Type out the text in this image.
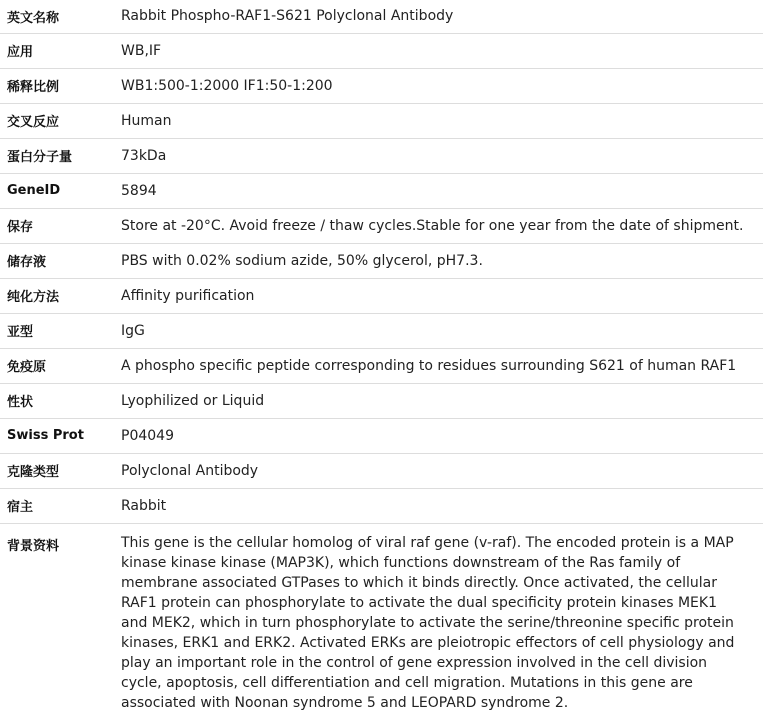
英文名称	Rabbit Phospho-RAF1-S621 Polyclonal Antibody
应用	WB,IF
稀释比例	WB1:500-1:2000 IF1:50-1:200
交叉反应	Human
蛋白分子量	73kDa
GeneID	5894
保存	Store at -20°C. Avoid freeze / thaw cycles.Stable for one year from the date of shipment.
储存液	PBS with 0.02% sodium azide, 50% glycerol, pH7.3.
纯化方法	Affinity purification
亚型	IgG
免疫原	A phospho specific peptide corresponding to residues surrounding S621 of human RAF1
性状	Lyophilized or Liquid
Swiss Prot	P04049
克隆类型	Polyclonal Antibody
宿主	Rabbit
背景资料	This gene is the cellular homolog of viral raf gene (v-raf). The encoded protein is a MAP kinase kinase kinase (MAP3K), which functions downstream of the Ras family of membrane associated GTPases to which it binds directly. Once activated, the cellular RAF1 protein can phosphorylate to activate the dual specificity protein kinases MEK1 and MEK2, which in turn phosphorylate to activate the serine/threonine specific protein kinases, ERK1 and ERK2. Activated ERKs are pleiotropic effectors of cell physiology and play an important role in the control of gene expression involved in the cell division cycle, apoptosis, cell differentiation and cell migration. Mutations in this gene are associated with Noonan syndrome 5 and LEOPARD syndrome 2.
